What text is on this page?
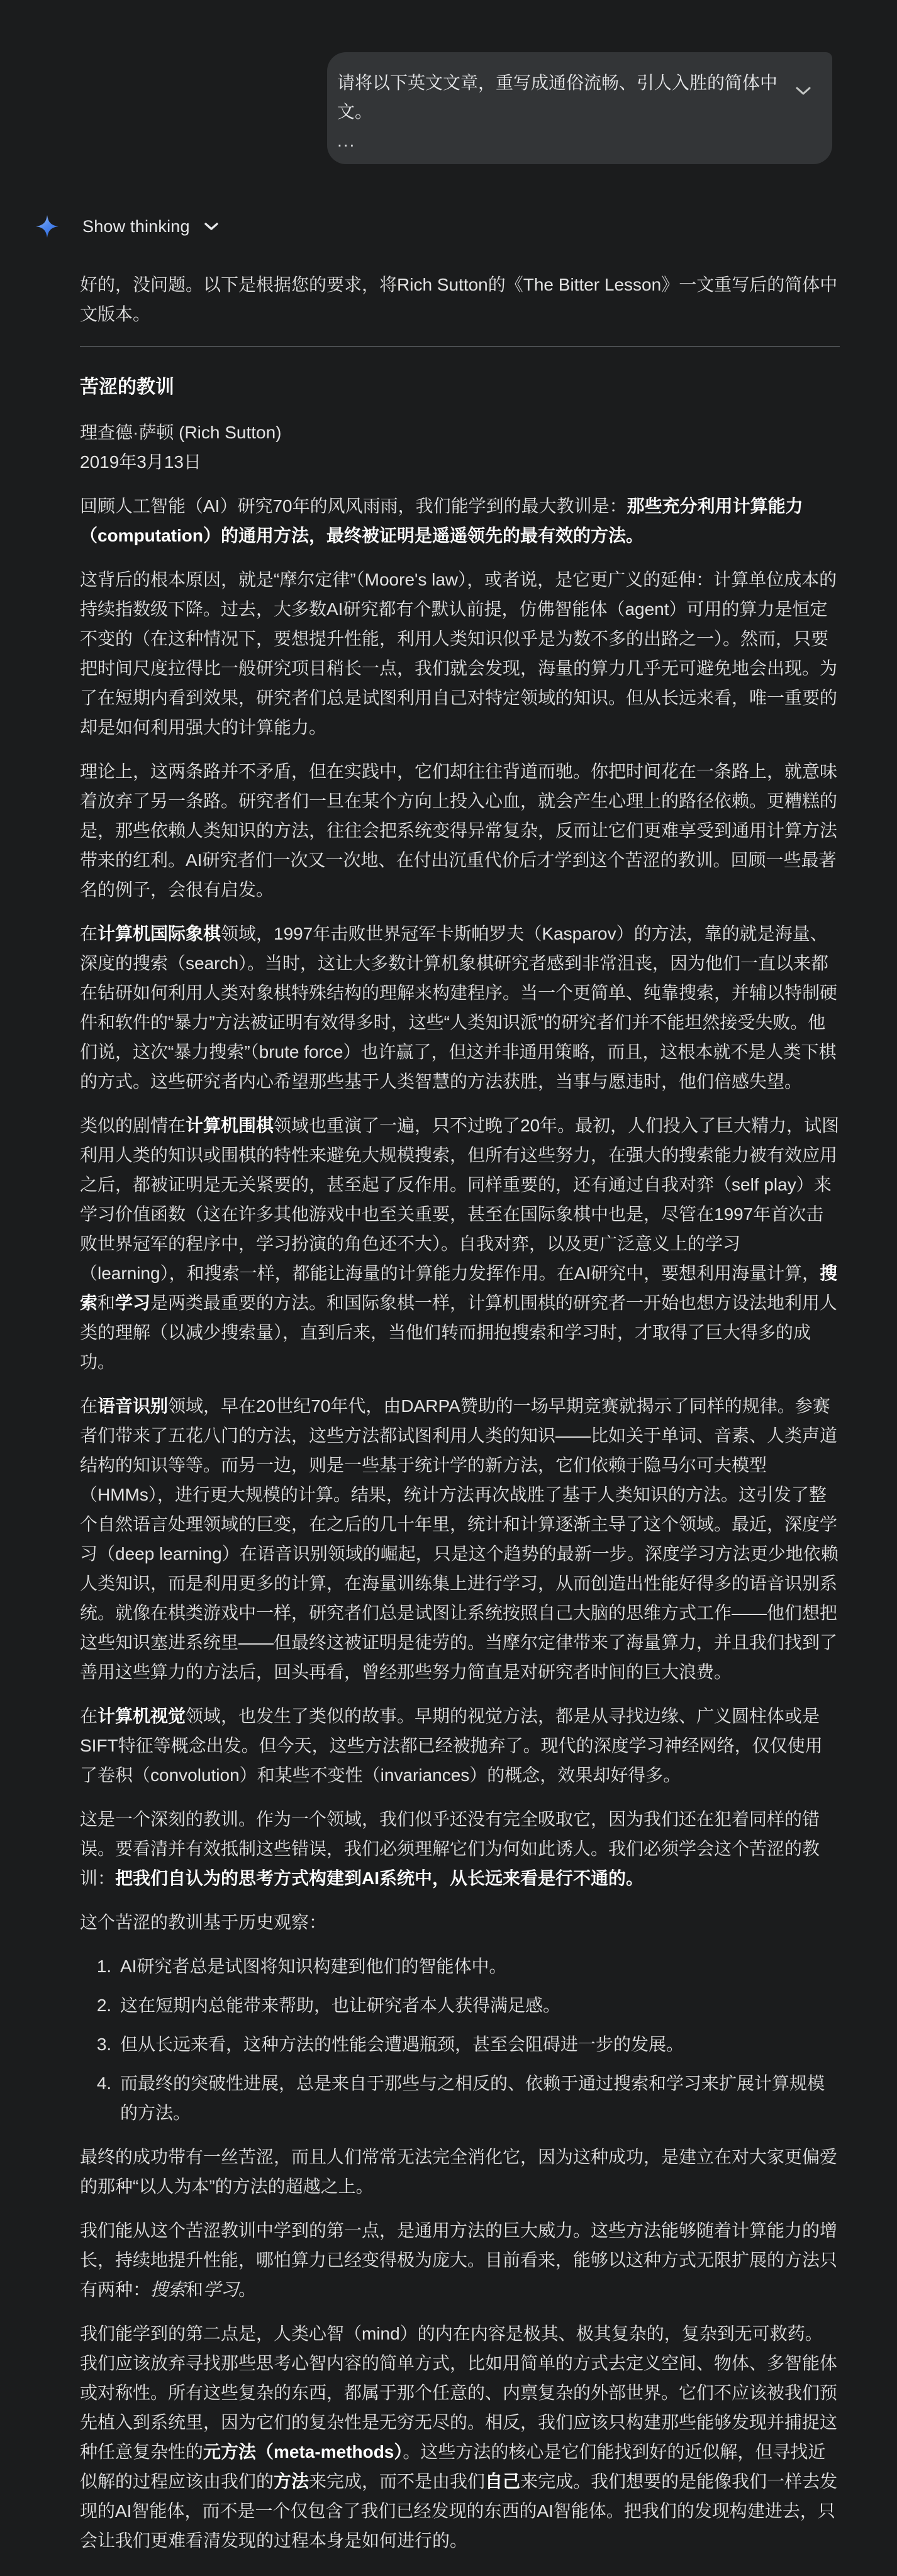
请将以下英文文章，重写成通俗流畅、引人入胜的简体中文。
...
Show thinking

好的，没问题。以下是根据您的要求，将Rich Sutton的《The Bitter Lesson》一文重写后的简体中文版本。

苦涩的教训

理查德·萨顿 (Rich Sutton)
2019年3月13日

回顾人工智能（AI）研究70年的风风雨雨，我们能学到的最大教训是：那些充分利用计算能力（computation）的通用方法，最终被证明是遥遥领先的最有效的方法。

这背后的根本原因，就是“摩尔定律”（Moore's law），或者说，是它更广义的延伸：计算单位成本的持续指数级下降。过去，大多数AI研究都有个默认前提，仿佛智能体（agent）可用的算力是恒定不变的（在这种情况下，要想提升性能，利用人类知识似乎是为数不多的出路之一）。然而，只要把时间尺度拉得比一般研究项目稍长一点，我们就会发现，海量的算力几乎无可避免地会出现。为了在短期内看到效果，研究者们总是试图利用自己对特定领域的知识。但从长远来看，唯一重要的却是如何利用强大的计算能力。

理论上，这两条路并不矛盾，但在实践中，它们却往往背道而驰。你把时间花在一条路上，就意味着放弃了另一条路。研究者们一旦在某个方向上投入心血，就会产生心理上的路径依赖。更糟糕的是，那些依赖人类知识的方法，往往会把系统变得异常复杂，反而让它们更难享受到通用计算方法带来的红利。AI研究者们一次又一次地、在付出沉重代价后才学到这个苦涩的教训。回顾一些最著名的例子，会很有启发。

在计算机国际象棋领域，1997年击败世界冠军卡斯帕罗夫（Kasparov）的方法，靠的就是海量、深度的搜索（search）。当时，这让大多数计算机象棋研究者感到非常沮丧，因为他们一直以来都在钻研如何利用人类对象棋特殊结构的理解来构建程序。当一个更简单、纯靠搜索，并辅以特制硬件和软件的“暴力”方法被证明有效得多时，这些“人类知识派”的研究者们并不能坦然接受失败。他们说，这次“暴力搜索”（brute force）也许赢了，但这并非通用策略，而且，这根本就不是人类下棋的方式。这些研究者内心希望那些基于人类智慧的方法获胜，当事与愿违时，他们倍感失望。

类似的剧情在计算机围棋领域也重演了一遍，只不过晚了20年。最初，人们投入了巨大精力，试图利用人类的知识或围棋的特性来避免大规模搜索，但所有这些努力，在强大的搜索能力被有效应用之后，都被证明是无关紧要的，甚至起了反作用。同样重要的，还有通过自我对弈（self play）来学习价值函数（这在许多其他游戏中也至关重要，甚至在国际象棋中也是，尽管在1997年首次击败世界冠军的程序中，学习扮演的角色还不大）。自我对弈，以及更广泛意义上的学习（learning），和搜索一样，都能让海量的计算能力发挥作用。在AI研究中，要想利用海量计算，搜索和学习是两类最重要的方法。和国际象棋一样，计算机围棋的研究者一开始也想方设法地利用人类的理解（以减少搜索量），直到后来，当他们转而拥抱搜索和学习时，才取得了巨大得多的成功。

在语音识别领域，早在20世纪70年代，由DARPA赞助的一场早期竞赛就揭示了同样的规律。参赛者们带来了五花八门的方法，这些方法都试图利用人类的知识——比如关于单词、音素、人类声道结构的知识等等。而另一边，则是一些基于统计学的新方法，它们依赖于隐马尔可夫模型（HMMs），进行更大规模的计算。结果，统计方法再次战胜了基于人类知识的方法。这引发了整个自然语言处理领域的巨变，在之后的几十年里，统计和计算逐渐主导了这个领域。最近，深度学习（deep learning）在语音识别领域的崛起，只是这个趋势的最新一步。深度学习方法更少地依赖人类知识，而是利用更多的计算，在海量训练集上进行学习，从而创造出性能好得多的语音识别系统。就像在棋类游戏中一样，研究者们总是试图让系统按照自己大脑的思维方式工作——他们想把这些知识塞进系统里——但最终这被证明是徒劳的。当摩尔定律带来了海量算力，并且我们找到了善用这些算力的方法后，回头再看，曾经那些努力简直是对研究者时间的巨大浪费。

在计算机视觉领域，也发生了类似的故事。早期的视觉方法，都是从寻找边缘、广义圆柱体或是SIFT特征等概念出发。但今天，这些方法都已经被抛弃了。现代的深度学习神经网络，仅仅使用了卷积（convolution）和某些不变性（invariances）的概念，效果却好得多。

这是一个深刻的教训。作为一个领域，我们似乎还没有完全吸取它，因为我们还在犯着同样的错误。要看清并有效抵制这些错误，我们必须理解它们为何如此诱人。我们必须学会这个苦涩的教训：把我们自认为的思考方式构建到AI系统中，从长远来看是行不通的。

这个苦涩的教训基于历史观察：

1. AI研究者总是试图将知识构建到他们的智能体中。
2. 这在短期内总能带来帮助，也让研究者本人获得满足感。
3. 但从长远来看，这种方法的性能会遭遇瓶颈，甚至会阻碍进一步的发展。
4. 而最终的突破性进展，总是来自于那些与之相反的、依赖于通过搜索和学习来扩展计算规模的方法。

最终的成功带有一丝苦涩，而且人们常常无法完全消化它，因为这种成功，是建立在对大家更偏爱的那种“以人为本”的方法的超越之上。

我们能从这个苦涩教训中学到的第一点，是通用方法的巨大威力。这些方法能够随着计算能力的增长，持续地提升性能，哪怕算力已经变得极为庞大。目前看来，能够以这种方式无限扩展的方法只有两种：搜索和学习。

我们能学到的第二点是，人类心智（mind）的内在内容是极其、极其复杂的，复杂到无可救药。我们应该放弃寻找那些思考心智内容的简单方式，比如用简单的方式去定义空间、物体、多智能体或对称性。所有这些复杂的东西，都属于那个任意的、内禀复杂的外部世界。它们不应该被我们预先植入到系统里，因为它们的复杂性是无穷无尽的。相反，我们应该只构建那些能够发现并捕捉这种任意复杂性的元方法（meta-methods）。这些方法的核心是它们能找到好的近似解，但寻找近似解的过程应该由我们的方法来完成，而不是由我们自己来完成。我们想要的是能像我们一样去发现的AI智能体，而不是一个仅包含了我们已经发现的东西的AI智能体。把我们的发现构建进去，只会让我们更难看清发现的过程本身是如何进行的。
